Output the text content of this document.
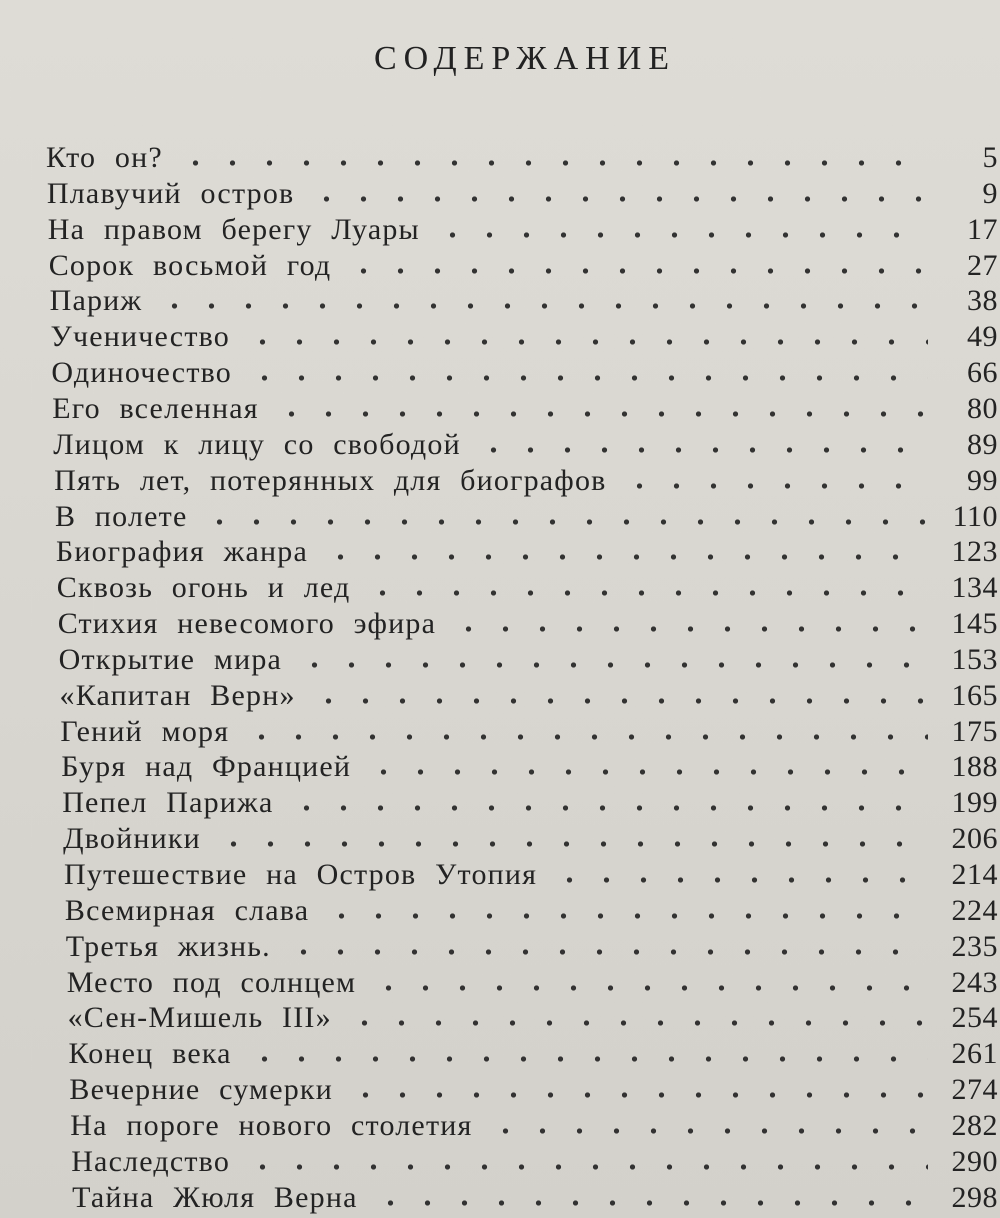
СОДЕРЖАНИЕ
Кто он?	5
Плавучий остров	9
На правом берегу Луары	17
Сорок восьмой год	27
Париж	38
Ученичество	49
Одиночество	66
Его вселенная	80
Лицом к лицу со свободой	89
Пять лет, потерянных для биографов	99
В полете	110
Биография жанра	123
Сквозь огонь и лед	134
Стихия невесомого эфира	145
Открытие мира	153
«Капитан Верн»	165
Гений моря	175
Буря над Францией	188
Пепел Парижа	199
Двойники	206
Путешествие на Остров Утопия	214
Всемирная слава	224
Третья жизнь.	235
Место под солнцем	243
«Сен-Мишель III»	254
Конец века	261
Вечерние сумерки	274
На пороге нового столетия	282
Наследство	290
Тайна Жюля Верна	298
